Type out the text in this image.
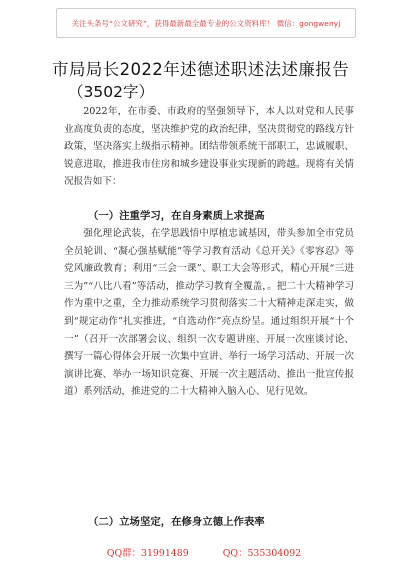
关注头条号“公文研究”，获得最新最全最专业的公文资料库！ 微信：gongwenyj
市局局长2022年述德述职述法述廉报告
（3502字）

2022年，在市委、市政府的坚强领导下，本人以对党和人民事业高度负责的态度，坚决维护党的政治纪律，坚决贯彻党的路线方针政策，坚决落实上级指示精神。团结带领系统干部职工，忠诚履职、锐意进取，推进我市住房和城乡建设事业实现新的跨越。现将有关情况报告如下：

（一）注重学习，在自身素质上求提高

强化理论武装，在学思践悟中厚植忠诚基因，带头参加全市党员全员轮训、“凝心强基赋能”等学习教育活动《总开关》《零容忍》等党风廉政教育；利用“三会一课”、职工大会等形式，精心开展“三进三为”“八比八看”等活动，推动学习教育全覆盖，。把二十大精神学习作为重中之重，全力推动系统学习贯彻落实二十大精神走深走实，做到“规定动作”扎实推进，“自选动作”亮点纷呈。通过组织开展“十个一”（召开一次部署会议、组织一次专题讲座、开展一次座谈讨论、撰写一篇心得体会开展一次集中宣讲、举行一场学习活动、开展一次演讲比赛、举办一场知识竞赛、开展一次主题活动、推出一批宣传报道）系列活动，推进党的二十大精神入脑入心、见行见效。

（二）立场坚定，在修身立德上作表率
QQ群：31991489	QQ：535304092
